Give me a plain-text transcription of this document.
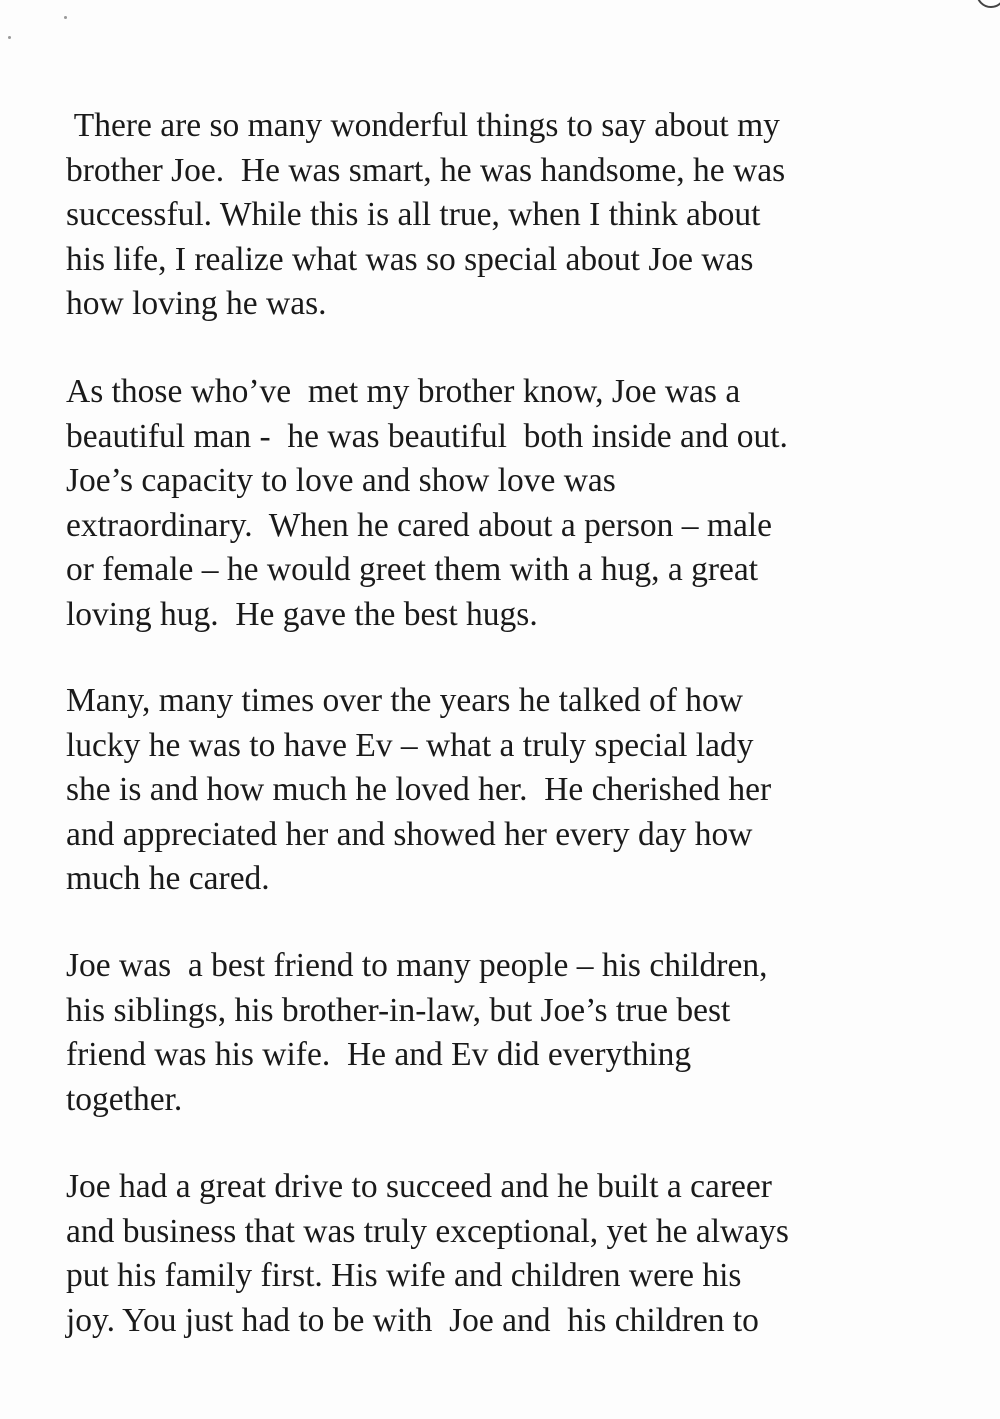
There are so many wonderful things to say about my
brother Joe.  He was smart, he was handsome, he was
successful. While this is all true, when I think about
his life, I realize what was so special about Joe was
how loving he was.
As those who’ve  met my brother know, Joe was a
beautiful man -  he was beautiful  both inside and out.
Joe’s capacity to love and show love was
extraordinary.  When he cared about a person – male
or female – he would greet them with a hug, a great
loving hug.  He gave the best hugs.
Many, many times over the years he talked of how
lucky he was to have Ev – what a truly special lady
she is and how much he loved her.  He cherished her
and appreciated her and showed her every day how
much he cared.
Joe was  a best friend to many people – his children,
his siblings, his brother-in-law, but Joe’s true best
friend was his wife.  He and Ev did everything
together.
Joe had a great drive to succeed and he built a career
and business that was truly exceptional, yet he always
put his family first. His wife and children were his
joy. You just had to be with  Joe and  his children to
